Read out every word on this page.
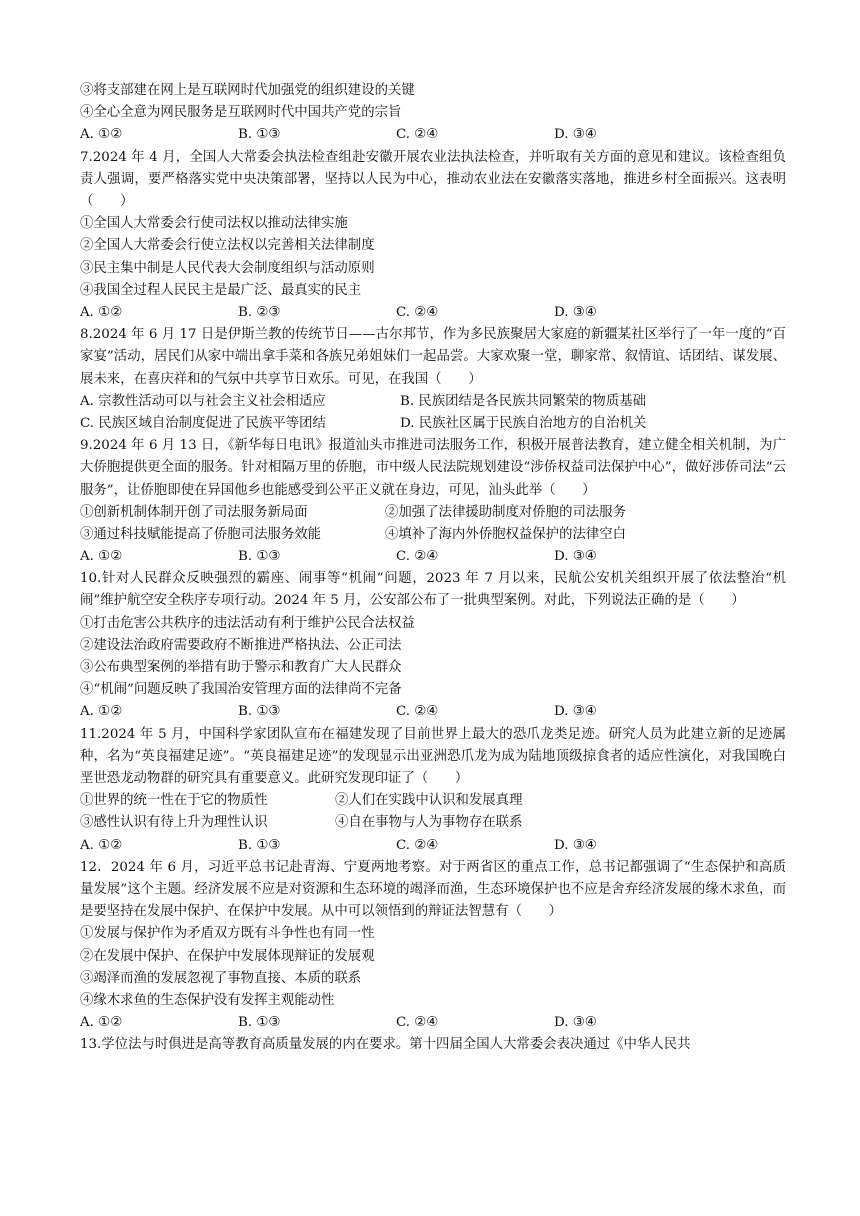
③将支部建在网上是互联网时代加强党的组织建设的关键
④全心全意为网民服务是互联网时代中国共产党的宗旨
A. ①②	B. ①③	C. ②④	D. ③④
7.2024 年 4 月，全国人大常委会执法检查组赴安徽开展农业法执法检查，并听取有关方面的意见和建议。该检查组负责人强调，要严格落实党中央决策部署，坚持以人民为中心，推动农业法在安徽落实落地，推进乡村全面振兴。这表明（　　）
①全国人大常委会行使司法权以推动法律实施
②全国人大常委会行使立法权以完善相关法律制度
③民主集中制是人民代表大会制度组织与活动原则
④我国全过程人民民主是最广泛、最真实的民主
A. ①②	B. ②③	C. ②④	D. ③④
8.2024 年 6 月 17 日是伊斯兰教的传统节日——古尔邦节，作为多民族聚居大家庭的新疆某社区举行了一年一度的“百家宴”活动，居民们从家中端出拿手菜和各族兄弟姐妹们一起品尝。大家欢聚一堂，聊家常、叙情谊、话团结、谋发展、展未来，在喜庆祥和的气氛中共享节日欢乐。可见，在我国（　　）
A. 宗教性活动可以与社会主义社会相适应	B. 民族团结是各民族共同繁荣的物质基础
C. 民族区域自治制度促进了民族平等团结	D. 民族社区属于民族自治地方的自治机关
9.2024 年 6 月 13 日，《新华每日电讯》报道汕头市推进司法服务工作，积极开展普法教育，建立健全相关机制，为广大侨胞提供更全面的服务。针对相隔万里的侨胞，市中级人民法院规划建设“涉侨权益司法保护中心”，做好涉侨司法“云服务”，让侨胞即使在异国他乡也能感受到公平正义就在身边，可见，汕头此举（　　）
①创新机制体制开创了司法服务新局面	②加强了法律援助制度对侨胞的司法服务
③通过科技赋能提高了侨胞司法服务效能	④填补了海内外侨胞权益保护的法律空白
A. ①②	B. ①③	C. ②④	D. ③④
10.针对人民群众反映强烈的霸座、闹事等“机闹”问题，2023 年 7 月以来，民航公安机关组织开展了依法整治“机闹”维护航空安全秩序专项行动。2024 年 5 月，公安部公布了一批典型案例。对此，下列说法正确的是（　　）
①打击危害公共秩序的违法活动有利于维护公民合法权益
②建设法治政府需要政府不断推进严格执法、公正司法
③公布典型案例的举措有助于警示和教育广大人民群众
④“机闹”问题反映了我国治安管理方面的法律尚不完备
A. ①②	B. ①③	C. ②④	D. ③④
11.2024 年 5 月，中国科学家团队宣布在福建发现了目前世界上最大的恐爪龙类足迹。研究人员为此建立新的足迹属种，名为“英良福建足迹”。“英良福建足迹”的发现显示出亚洲恐爪龙为成为陆地顶级掠食者的适应性演化，对我国晚白垩世恐龙动物群的研究具有重要意义。此研究发现印证了（　　）
①世界的统一性在于它的物质性	②人们在实践中认识和发展真理
③感性认识有待上升为理性认识	④自在事物与人为事物存在联系
A. ①②	B. ①③	C. ②④	D. ③④
12．2024 年 6 月，习近平总书记赴青海、宁夏两地考察。对于两省区的重点工作，总书记都强调了“生态保护和高质量发展”这个主题。经济发展不应是对资源和生态环境的竭泽而渔，生态环境保护也不应是舍弃经济发展的缘木求鱼，而是要坚持在发展中保护、在保护中发展。从中可以领悟到的辩证法智慧有（　　）
①发展与保护作为矛盾双方既有斗争性也有同一性
②在发展中保护、在保护中发展体现辩证的发展观
③竭泽而渔的发展忽视了事物直接、本质的联系
④缘木求鱼的生态保护没有发挥主观能动性
A. ①②	B. ①③	C. ②④	D. ③④
13.学位法与时俱进是高等教育高质量发展的内在要求。第十四届全国人大常委会表决通过《中华人民共
